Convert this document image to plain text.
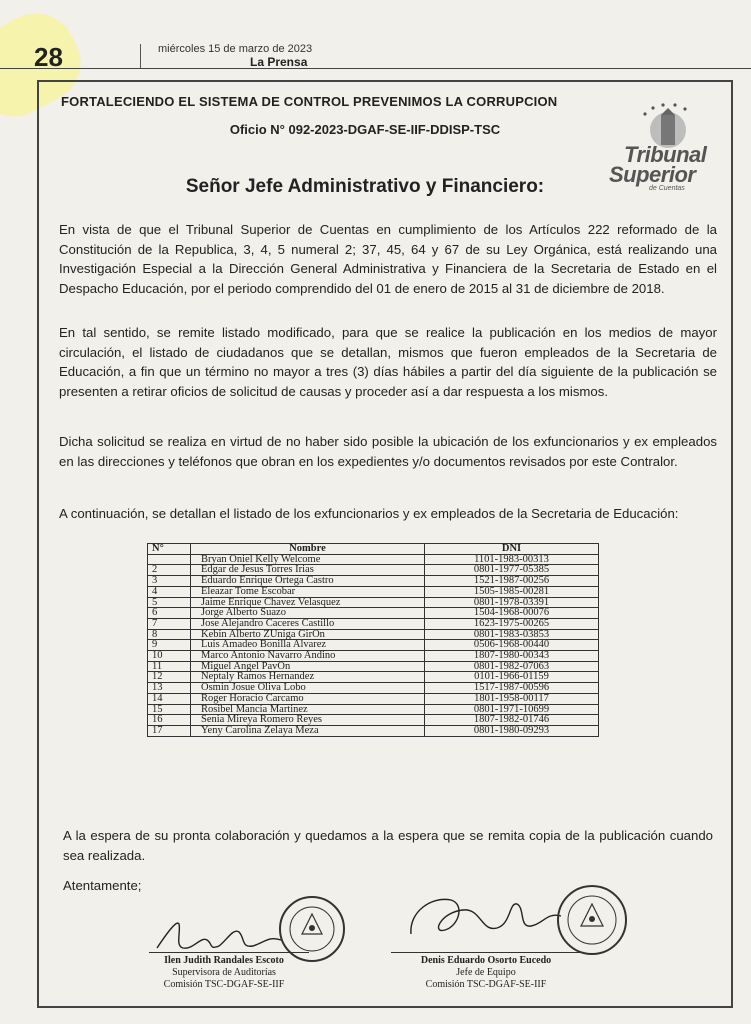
28	miércoles 15 de marzo de 2023
La Prensa
FORTALECIENDO EL SISTEMA DE CONTROL PREVENIMOS LA CORRUPCION
Oficio N° 092-2023-DGAF-SE-IIF-DDISP-TSC
Tribunal
Superior
de Cuentas
Señor Jefe Administrativo y Financiero:
En vista de que el Tribunal Superior de Cuentas en cumplimiento de los Artículos 222 reformado de la Constitución de la Republica, 3, 4, 5 numeral 2; 37, 45, 64 y 67 de su Ley Orgánica, está realizando una Investigación Especial a la Dirección General Administrativa y Financiera de la Secretaria de Estado en el Despacho Educación, por el periodo comprendido del 01 de enero de 2015 al 31 de diciembre de 2018.
En tal sentido, se remite listado modificado, para que se realice la publicación en los medios de mayor circulación, el listado de ciudadanos que se detallan, mismos que fueron empleados de la Secretaria de Educación, a fin que un término no mayor a tres (3) días hábiles a partir del día siguiente de la publicación se presenten a retirar oficios de solicitud de causas y proceder así a dar respuesta a los mismos.
Dicha solicitud se realiza en virtud de no haber sido posible la ubicación de los exfuncionarios y ex empleados en las direcciones y teléfonos que obran en los expedientes y/o documentos revisados por este Contralor.
A continuación, se detallan el listado de los exfuncionarios y ex empleados de la Secretaria de Educación:
N°	Nombre	DNI
	Bryan Oniel Kelly Welcome	1101-1983-00313
2	Edgar de Jesus Torres Irias	0801-1977-05385
3	Eduardo Enrique Ortega Castro	1521-1987-00256
4	Eleazar Tome Escobar	1505-1985-00281
5	Jaime Enrique Chavez Velasquez	0801-1978-03391
6	Jorge Alberto Suazo	1504-1968-00076
7	Jose Alejandro Caceres Castillo	1623-1975-00265
8	Kebin Alberto ZUniga GirOn	0801-1983-03853
9	Luis Amadeo Bonilla Alvarez	0506-1968-00440
10	Marco Antonio Navarro Andino	1807-1980-00343
11	Miguel Angel PavOn	0801-1982-07063
12	Neptaly Ramos Hernandez	0101-1966-01159
13	Osmin Josue Oliva Lobo	1517-1987-00596
14	Roger Horacio Carcamo	1801-1958-00117
15	Rosibel Mancia Martinez	0801-1971-10699
16	Senia Mireya Romero Reyes	1807-1982-01746
17	Yeny Carolina Zelaya Meza	0801-1980-09293
A la espera de su pronta colaboración y quedamos a la espera que se remita copia de la publicación cuando sea realizada.
Atentamente;
Ilen Judith Randales Escoto
Supervisora de Auditorías
Comisión TSC-DGAF-SE-IIF
Denis Eduardo Osorto Eucedo
Jefe de Equipo
Comisión TSC-DGAF-SE-IIF
